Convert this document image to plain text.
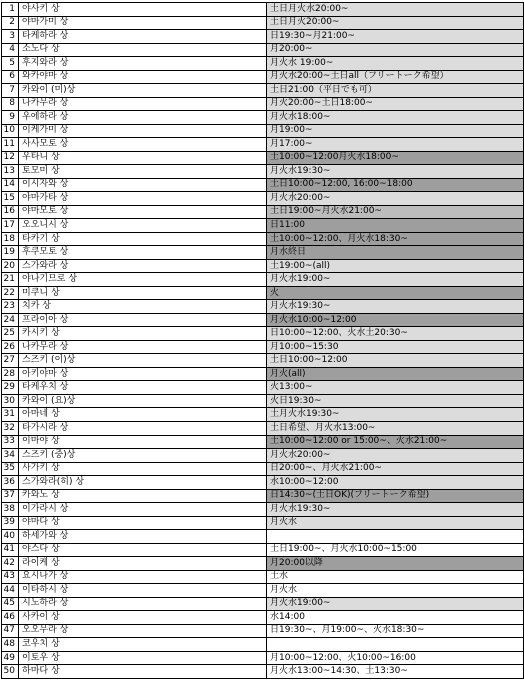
1	야사키 상	土日月火水20:00~
2	야마가미 상	土日月火20:00~
3	타케하라 상	日19:30~月21:00~
4	소노다 상	月20:00~
5	후지와라 상	月火水 19:00~
6	와카야마 상	月火水20:00~土日all（フリートーク希望）
7	카와이 (미)상	土日21:00（平日でも可）
8	나카무라 상	月火20:00~土日18:00~
9	우에하라 상	月火水18:00~
10	이케가미 상	月19:00~
11	사사모토 상	月17:00~
12	우타니 상	土10:00~12:00月火水18:00~
13	토모미 상	月火水19:30~
14	이시자와 상	土日10:00~12:00, 16:00~18:00
15	야마가타 상	月火水20:00~
16	야마모토 상	土日19:00~月火水21:00~
17	오오니시 상	日11:00
18	타카기 상	土10:00~12:00、月火水18:30~
19	후쿠모토 상	月水終日
20	스가와라 상	土19:00~(all)
21	야나기므로 상	月火水19:00~
22	미쿠니 상	火
23	치카 상	月火水19:30~
24	프라이아 상	月火水10:00~12:00
25	카시키 상	日10:00~12:00、火水土20:30~
26	나카무라 상	月10:00~15:30
27	스즈키 (이)상	土日10:00~12:00
28	아키야마 상	月火(all)
29	타케우치 상	火13:00~
30	카와이 (요)상	火日19:30~
31	아마네 상	土月火水19:30~
32	타가시라 상	土日希望、月火水13:00~
33	이마야 상	土10:00~12:00 or 15:00~、火水21:00~
34	스즈키 (중)상	月火水20:00~
35	사가키 상	日20:00~、月火水21:00~
36	스가와라(히) 상	水10:00~12:00
37	카와노 상	日14:30~(土日OK)(フリートーク希望)
38	이가라시 상	月火水19:30~
39	야마다 상	月火水
40	하세가와 상	
41	야스다 상	土日19:00~、月火水10:00~15:00
42	라이케 상	月20:00以降
43	요시나가 상	土水
44	이타하시 상	月火水
45	시노하라 상	月火水19:00~
46	사카이 상	水14:00
47	오오무라 상	日19:30~、月19:00~、火水18:30~
48	코우치 상	
49	이토우 상	月10:00~12:00、火10:00~16:00
50	하마다 상	月火水13:00~14:30、土13:30~
